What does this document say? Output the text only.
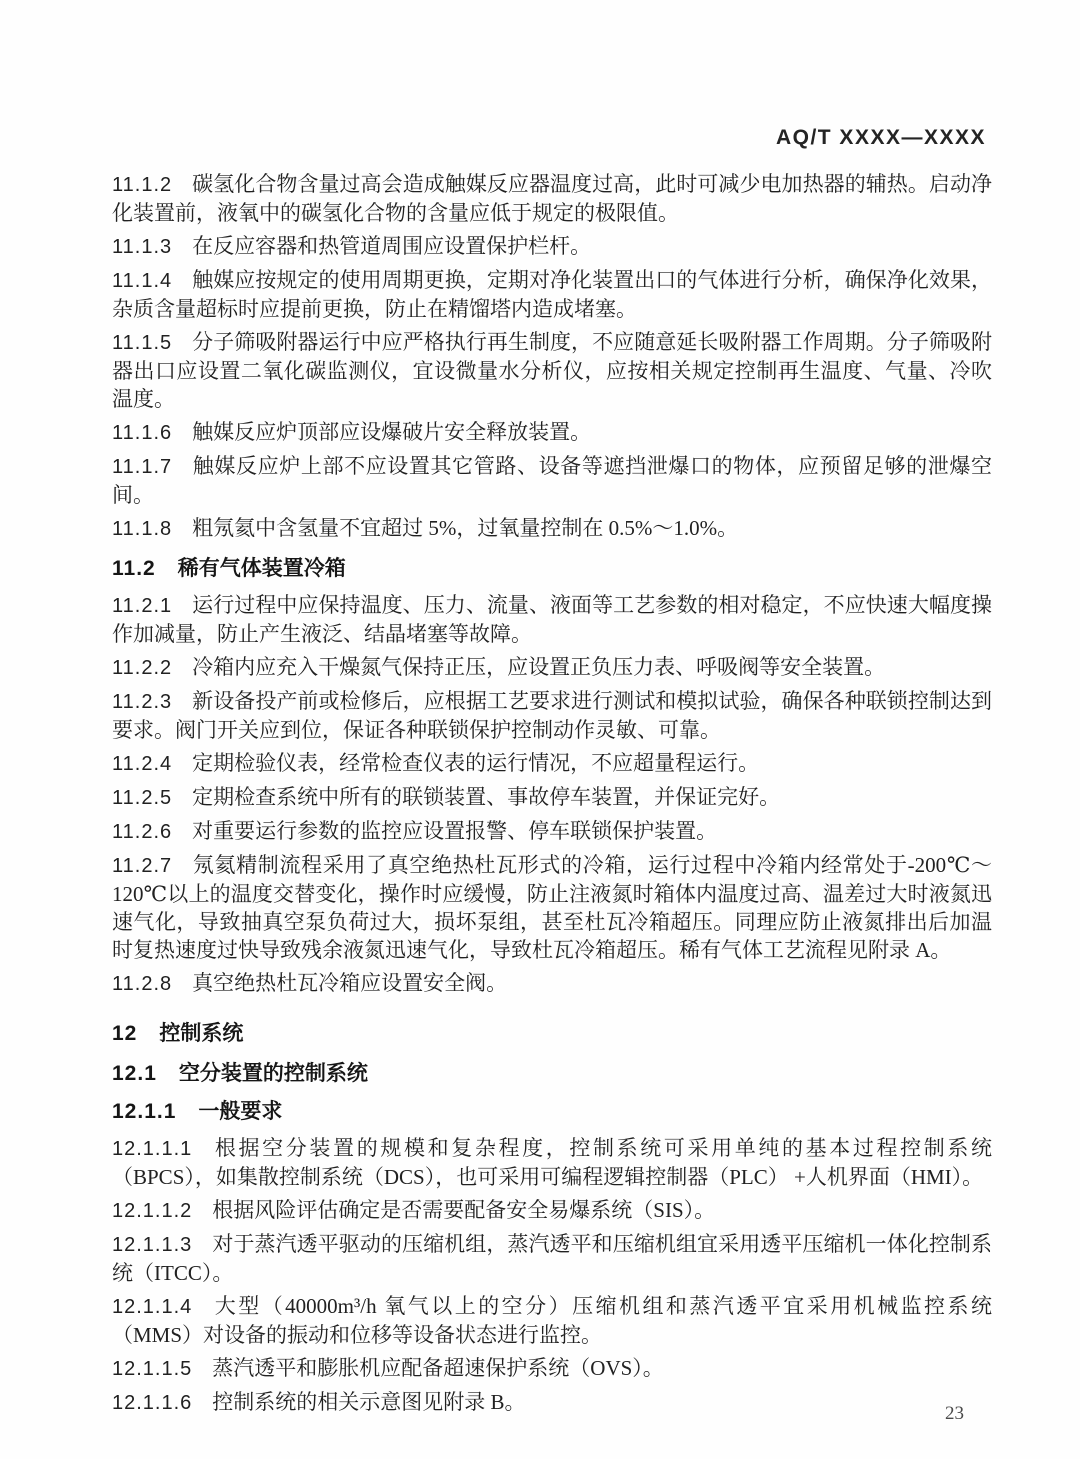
AQ/T XXXX—XXXX

11.1.2 碳氢化合物含量过高会造成触媒反应器温度过高，此时可减少电加热器的辅热。启动净化装置前，液氧中的碳氢化合物的含量应低于规定的极限值。

11.1.3 在反应容器和热管道周围应设置保护栏杆。

11.1.4 触媒应按规定的使用周期更换，定期对净化装置出口的气体进行分析，确保净化效果，杂质含量超标时应提前更换，防止在精馏塔内造成堵塞。

11.1.5 分子筛吸附器运行中应严格执行再生制度，不应随意延长吸附器工作周期。分子筛吸附器出口应设置二氧化碳监测仪，宜设微量水分析仪，应按相关规定控制再生温度、气量、冷吹温度。

11.1.6 触媒反应炉顶部应设爆破片安全释放装置。

11.1.7 触媒反应炉上部不应设置其它管路、设备等遮挡泄爆口的物体，应预留足够的泄爆空间。

11.1.8 粗氖氦中含氢量不宜超过 5%，过氧量控制在 0.5%～1.0%。

11.2 稀有气体装置冷箱

11.2.1 运行过程中应保持温度、压力、流量、液面等工艺参数的相对稳定，不应快速大幅度操作加减量，防止产生液泛、结晶堵塞等故障。

11.2.2 冷箱内应充入干燥氮气保持正压，应设置正负压力表、呼吸阀等安全装置。

11.2.3 新设备投产前或检修后，应根据工艺要求进行测试和模拟试验，确保各种联锁控制达到要求。阀门开关应到位，保证各种联锁保护控制动作灵敏、可靠。

11.2.4 定期检验仪表，经常检查仪表的运行情况，不应超量程运行。

11.2.5 定期检查系统中所有的联锁装置、事故停车装置，并保证完好。

11.2.6 对重要运行参数的监控应设置报警、停车联锁保护装置。

11.2.7 氖氦精制流程采用了真空绝热杜瓦形式的冷箱，运行过程中冷箱内经常处于-200℃～120℃以上的温度交替变化，操作时应缓慢，防止注液氮时箱体内温度过高、温差过大时液氮迅速气化，导致抽真空泵负荷过大，损坏泵组，甚至杜瓦冷箱超压。同理应防止液氮排出后加温时复热速度过快导致残余液氮迅速气化，导致杜瓦冷箱超压。稀有气体工艺流程见附录 A。

11.2.8 真空绝热杜瓦冷箱应设置安全阀。

12 控制系统

12.1 空分装置的控制系统

12.1.1 一般要求

12.1.1.1 根据空分装置的规模和复杂程度，控制系统可采用单纯的基本过程控制系统（BPCS），如集散控制系统（DCS），也可采用可编程逻辑控制器（PLC） +人机界面（HMI）。

12.1.1.2 根据风险评估确定是否需要配备安全易爆系统（SIS）。

12.1.1.3 对于蒸汽透平驱动的压缩机组，蒸汽透平和压缩机组宜采用透平压缩机一体化控制系统（ITCC）。

12.1.1.4 大型（40000m³/h 氧气以上的空分）压缩机组和蒸汽透平宜采用机械监控系统（MMS）对设备的振动和位移等设备状态进行监控。

12.1.1.5 蒸汽透平和膨胀机应配备超速保护系统（OVS）。

12.1.1.6 控制系统的相关示意图见附录 B。	23
